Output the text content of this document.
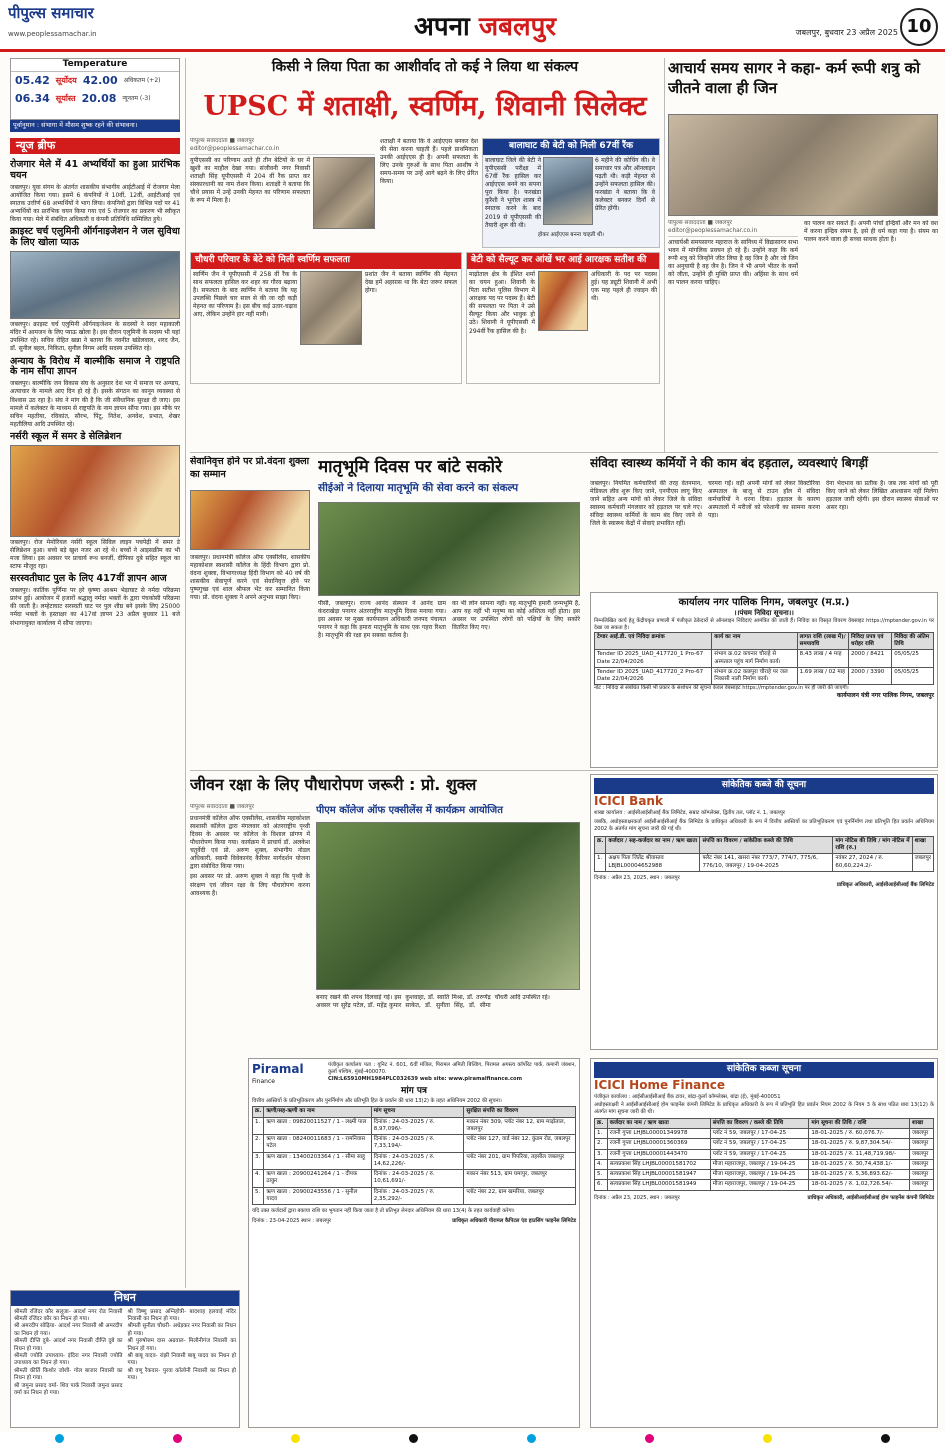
पीपुल्स समाचार
www.peoplessamachar.in	अपना जबलपुर	जबलपुर, बुधवार 23 अप्रैल 2025 10
Temperature
05.42 सूर्योदय 42.00 अधिकतम (+2)
06.34 सूर्यास्त 20.08 न्यूनतम (-3)
पूर्वानुमान : संभागा में मौसम शुष्क रहने की संभावना।
न्यूज ब्रीफ
रोजगार मेले में 41 अभ्यर्थियों का हुआ प्रारंभिक चयन
जबलपुर। युवा संगम के अंतर्गत शासकीय संभागीय आईटीआई में रोजगार मेला आयोजित किया गया। इसमें 6 कंपनियों ने 10वीं, 12वीं, आईटीआई एवं स्नातक उत्तीर्ण 68 अभ्यर्थियों ने भाग लिया। कंपनियों द्वारा विभिन्न पदों पर 41 अभ्यर्थियों का प्रारंभिक चयन किया गया एवं 5 रोजगार का प्रकरण भी स्वीकृत किया गया। मेले में संबंधित अधिकारी व कंपनी प्रतिनिधि सम्मिलित हुये।
क्राइस्ट चर्च एलुमिनी ऑर्गनाइजेशन ने जल सुविधा के लिए खोला प्याऊ
जबलपुर। क्राइस्ट चर्च एलुमिनी ऑर्गनाइजेशन के सदस्यों ने सदर महाकाली मंदिर में आमजन के लिए प्याऊ खोला है। इस दौरान एलुमिनी के सदस्य भी यहां उपस्थित रहे। सचिव रोहित खन्ना ने बताया कि नवनीत खंडेलवाल, शरद जैन, डॉ. सुनील बहल, निकिता, सुनील निगम आदि सदस्य उपस्थित रहे।
अन्याय के विरोध में बाल्मीकि समाज ने राष्ट्रपति के नाम सौंपा ज्ञापन
जबलपुर। बाल्मीकि जन विकास संघ के अनुसार देश भर में समाज पर अन्याय, अत्याचार के मामले आए दिन हो रहे हैं। इसके संगठन का कानून व्यवस्था से विश्वास उठ रहा है। संघ ने मांग की है कि जी संवैधानिक सुरक्षा दी जाए। इस मामले में कलेक्टर के माध्यम से राष्ट्रपति के नाम ज्ञापन सौंपा गया। इस मौके पर सचिन महतीया, रविकांत, सौरभ, पिंटू, नितेश, अनवेश, प्रभात, शेखर महतीलिया आदि उपस्थित रहे।
नर्सरी स्कूल में समर डे सेलिब्रेशन
जबलपुर। रोज मेमोरियल नर्सरी स्कूल सिविल लाइन पचपेढ़ी में समर डे सेलिब्रेशन हुआ। बच्चे बड़े खुश नजर आ रहे थे। बच्चों ने आइसक्रीम का भी मजा लिया। इस अवसर पर प्राचार्य रूथ बनर्जी, दीपिका दुबे सहित स्कूल का स्टाफ मौजूद रहा।
सरस्वतीघाट पुल के लिए 417वीं ज्ञापन आज
जबलपुर। कार्तिक पूर्णिमा पर हरे कृष्णा आश्रम भेड़ाघाट से नर्मदा परिक्रमा प्रारंभ हुई। आयोजन में हजारों श्रद्धालु नर्मदा भक्तों के द्वारा पंचकोसी परिक्रमा की जाती है। लम्हेटाघाट सरस्वती घाट पर पुल शीघ्र बने इसके लिए 25000 नर्मदा भक्तों के हस्ताक्षर का 417वां ज्ञापन 23 अप्रैल बुधवार 11 बजे संभागायुक्त कार्यालय में सौंपा जाएगा।
निधन
श्रीमती रजिंदर कौर सलूजा- आदर्श नगर रोड निवासी श्रीमती रजिंदर कौर का निधन हो गया।
श्री अमरदीप सोढ़िया- आदर्श नगर निवासी श्री अमरदीप का निधन हो गया।
श्रीमती दीप्ति दुबे- आदर्श नगर निवासी दीप्ति दुबे का निधन हो गया।
श्रीमती ज्योति उपाध्याय- इंदिरा नगर निवासी ज्योति उपाध्याय का निधन हो गया।
श्रीमती कीर्ति किशोर जोशी- गोल बाजार निवासी का निधन हो गया।
श्री जमुना प्रसाद वर्मा- शिव पार्क निवासी जमुना प्रसाद वर्मा का निधन हो गया।
श्री विष्णु प्रसाद अग्निहोत्री- बादशाह हलवाई मंदिर निवासी का निधन हो गया।
श्रीमती सुनीता चौधरी- अधेड़कर नगर निवासी का निधन हो गया।
श्री पुरुषोत्तम दास अग्रवाल- मिलौनीगंज निवासी का निधन हो गया।
श्री बाबू यादव- रांझी निवासी बाबू यादव का निधन हो गया।
श्री वणू रैकवार- पुरवा कॉलोनी निवासी का निधन हो गया।
किसी ने लिया पिता का आशीर्वाद तो कई ने लिया था संकल्प
UPSC में शताक्षी, स्वर्णिम, शिवानी सिलेक्ट
पीपुल्स संवाददाता ■ जबलपुर
editor@peoplessamachar.co.in
यूपीएससी का परिणाम आते ही तीन बेटियों के घर में खुशी का माहौल देखा गया। संजीवनी नगर निवासी शताक्षी सिंह यूपीएससी में 204 वीं रैंक प्राप्त कर संस्कारधानी का नाम रोशन किया। शताक्षी ने बताया कि चौथे प्रयास में उन्हें उनकी मेहनत का परिणाम सफलता के रूप में मिला है।
शताक्षी ने बताया कि वे आईएएस बनकर देश की सेवा करना चाहती हैं। पहले प्राथमिकता उनकी आईएएस ही है। अपनी सफलता के लिए उनके गुरुओं के साथ पिता आशीष ने समय-समय पर उन्हें आगे बढ़ने के लिए प्रेरित किया।
बालाघाट की बेटी को मिली 67वीं रैंक
बालाघाट जिले की बेटी ने यूपीएससी परीक्षा में 67वीं रैंक हासिल कर आईएएस बनने का सपना पूरा किया है। फरखंडा कुरैशी ने भूगोल शास्त्र में स्नातक करने के बाद 2019 से यूपीएससी की तैयारी शुरू की थी।
6 महीने की कोचिंग की। वे समाचार पत्र और ऑनलाइन पढ़ती थी। कड़ी मेहनत से उन्होंने सफलता हासिल की। फरखंडा ने बताया कि वे कलेक्टर बनकर दिनाँ से प्रेरित होंगी।
होकर आईएएस बनना चाहती थी।
चौधरी परिवार के बेटे को मिली स्वर्णिम सफलता
स्वर्णिम जैन ने यूपीएससी में 258 वीं रैंक के साथ सफलता हासिल कर शहर का गौरव बढ़ाया है। सफलता के बाद स्वर्णिम ने बताया कि यह उपलब्धि पिछले चार साल से की जा रही कड़ी मेहनत का परिणाम है। इस बीच कई उतार-चढ़ाव आए, लेकिन उन्होंने हार नहीं मानी।
प्रशांत जैन ने बताया स्वर्णिम की मेहनत देख हमें अहसास था कि बेटा जरूर सफल होगा।
बेटी को सैल्यूट कर आंखें भर आई आरक्षक सतीश की
माढ़ोताल क्षेत्र के ईशित शर्मा का चयन हुआ। शिवानी के पिता सतीश पुलिस विभाग में आरक्षक पद पर पदस्थ हैं। बेटी की सफलता पर पिता ने उसे सैल्यूट किया और भावुक हो उठे। शिवानी ने यूपीएससी में 294वीं रैंक हासिल की है।
अधिकारी के पद पर पदस्थ हुई। यह ड्यूटी शिवानी में अभी एक माह पहले ही ज्वाइन की थी।
आचार्य समय सागर ने कहा- कर्म रूपी शत्रु को जीतने वाला ही जिन
पीपुल्स संवाददाता ■ जबलपुर
editor@peoplessamachar.co.in
आचार्यश्री समयसागर महाराज के सानिध्य में विद्यासागर सभा भवन में मांगलिक प्रवचन हो रहे हैं। उन्होंने कहा कि कर्म रूपी शत्रु को जिन्होंने जीत लिया है वह जिन है और जो जिन का अनुयायी है वह जैन है। जिन ने भी अपने भीतर के कर्मों को जीता, उन्होंने ही मुक्ति प्राप्त की। अहिंसा के साथ धर्म का पालन करना चाहिए।
का पालन कर सकते हैं। अपनी पांचों इन्द्रियों और मन को वश में करना इन्द्रिय संयम है, इसे ही धर्म कहा गया है। संयम का पालन करने वाला ही सच्चा साधक होता है।
सेवानिवृत्त होने पर प्रो.वंदना शुक्ला का सम्मान
जबलपुर। प्रधानमंत्री कॉलेज ऑफ एक्सीलेंस, शासकीय महाकोशल स्वशासी कॉलेज के हिंदी विभाग द्वारा प्रो. वंदना शुक्ला, विभागाध्यक्ष हिंदी विभाग को 40 वर्ष की शासकीय सेवापूर्ण करने एवं सेवानिवृत्त होने पर पुष्पगुच्छ एवं शाल श्रीफल भेंट कर सम्मानित किया गया। प्रो. वंदना शुक्ला ने अपने अनुभव साझा किए।
मातृभूमि दिवस पर बांटे सकोरे
सीईओ ने दिलाया मातृभूमि की सेवा करने का संकल्प
पीसी, जबलपुर। राज्य आनंद संस्थान ने आनंद ग्राम कंदराखेड़ा पनागर अंतरराष्ट्रीय मातृभूमि दिवस मनाया गया। इस अवसर पर मुख्य कार्यपालन अधिकारी जनपद पंचायत पनागर ने कहा कि हमारा मातृभूमि के साथ एक गहरा रिश्ता है। मातृभूमि की रक्षा हम सबका कर्तव्य है।
का भी लोन सामना नहीं। यह मातृभूमि हमारी जन्मभूमि है, आप यह नहीं भी मनुष्य का कोई अस्तित्व नहीं होता। इस अवसर पर उपस्थित लोगों को पक्षियों के लिए सकोरे वितरित किए गए।
संविदा स्वास्थ्य कर्मियों ने की काम बंद हड़ताल, व्यवस्थाएं बिगड़ीं
जबलपुर। नियमित कर्मचारियों की तरह वेतनमान, मेडिकल लीव शुरू किए जाने, एनपीएस लागू किए जाने सहित अन्य मांगों को लेकर जिले के संविदा स्वास्थ्य कर्मचारी मंगलवार को हड़ताल पर चले गए। संविदा स्वास्थ्य कर्मियों के काम बंद किए जाने से जिले के स्वास्थ्य केंद्रों में सेवाएं प्रभावित रहीं।
चरमरा गईं। वहीं अपनी मांगों को लेकर विक्टोरिया अस्पताल के बाजू से टाउन हॉल में संविदा कर्मचारियों ने धरना दिया। हड़ताल के कारण अस्पतालों में मरीजों को परेशानी का सामना करना पड़ा।
देना भेदभाव का प्रतीक है। जब तक मांगों को पूरी किए जाने को लेकर लिखित आश्वासन नहीं मिलेगा हड़ताल जारी रहेगी। इस दौरान स्वास्थ्य सेवाओं पर असर रहा।
कार्यालय नगर पालिक निगम, जबलपुर (म.प्र.)
।।पंचम निविदा सूचना।।
निम्नलिखित कार्य हेतु केंद्रीयकृत प्रणाली में पंजीकृत ठेकेदारों से ऑनलाइन निविदाएं आमंत्रित की जाती हैं। निविदा का विस्तृत विवरण वेबसाइट https://mptender.gov.in पर देखा जा सकता है।
टेण्डर आई.डी. एवं निविदा क्रमांक	कार्य का नाम	लागत राशि (लाख में)/ समयावधि	निविदा प्रपत्र एवं धरोहर राशि	निविदा की अंतिम तिथि
Tender ID 2025_UAD_417720_1 Pro-67 Date 22/04/2026	संभाग क्र.02 कचनार चौराहे से अस्पताल पहुंच मार्ग निर्माण कार्य।	8.43 लाख / 4 माह	2000 / 8421	05/05/25
Tender ID 2025_UAD_417720_2 Pro-67 Date 22/04/2026	संभाग क्र.02 कछपुरा चौराहे पर जल निकासी नाली निर्माण कार्य।	1.69 लाख / 02 माह	2000 / 3390	05/05/25
नोट : निविदा से संबंधित किसी भी प्रकार के संशोधन की सूचना केवल वेबसाइट https://mptender.gov.in पर ही जारी की जाएगी।
कार्यपालन यंत्री नगर पालिक निगम, जबलपुर
जीवन रक्षा के लिए पौधारोपण जरूरी : प्रो. शुक्ल
पीपुल्स संवाददाता ■ जबलपुर
प्रधानमंत्री कॉलेज ऑफ एक्सीलेंस, शासकीय महाकोशल स्वशासी कॉलेज द्वारा मंगलवार को अंतरराष्ट्रीय पृथ्वी दिवस के अवसर पर कॉलेज के विशाल प्रांगण में पौधारोपण किया गया। कार्यक्रम में प्राचार्य डॉ. अलकेश चतुर्वेदी एवं प्रो. अरुण शुक्ल, संभागीय नोडल अधिकारी, स्वामी विवेकानंद कैरियर मार्गदर्शन योजना द्वारा संबोधित किया गया।
इस अवसर पर प्रो. अरुण शुक्ल ने कहा कि पृथ्वी के संरक्षण एवं जीवन रक्षा के लिए पौधारोपण करना आवश्यक है।
पीएम कॉलेज ऑफ एक्सीलेंस में कार्यक्रम आयोजित
बनाए रखने की शपथ दिलवाई गई। इस अवसर पर सुरेंद्र पटेल, डॉ. महेंद्र कुमार कुशवाहा, डॉ. स्वाति मिश्रा, डॉ. तरुणेंद्र साकेत, डॉ. सुनीता सिंह, डॉ. सीमा चौधरी आदि उपस्थित रहे।
सांकेतिक कब्जे की सूचना
ICICI Bank
शाखा कार्यालय : आईसीआईसीआई बैंक लिमिटेड, सम्राट कॉम्प्लेक्स, द्वितीय तल, प्लॉट नं. 1, जबलपुर
जबकि, अधोहस्ताक्षरकर्ता आईसीआईसीआई बैंक लिमिटेड के प्राधिकृत अधिकारी के रूप में वित्तीय आस्तियों का प्रतिभूतिकरण एवं पुनर्निर्माण तथा प्रतिभूति हित प्रवर्तन अधिनियम 2002 के अंतर्गत मांग सूचना जारी की गई थी।
क्र.	कर्जदार / सह-कर्जदार का नाम / ऋण खाता	संपत्ति का विवरण / सांकेतिक कब्जे की तिथि	मांग नोटिस की तिथि / मांग नोटिस में राशि (रु.)	शाखा
1.	अक्षय पिता जितेंद्र श्रीवास्तव LBJBL00004652988	फ्लैट नंबर 141, खसरा नंबर 773/7, 774/7, 775/6, 776/10, जबलपुर / 19-04-2025	नवंबर 27, 2024 / रु. 60,60,224.2/-	जबलपुर
दिनांक : अप्रैल 23, 2025, स्थान : जबलपुर
प्राधिकृत अधिकारी, आईसीआईसीआई बैंक लिमिटेड
Piramal
Finance
पंजीकृत कार्यालय पता : यूनिट नं. 601, 6वीं मंजिल, पिरामल अमिती बिल्डिंग, पिरामल अगस्त्य कॉर्पोरेट पार्क, कमानी जंक्शन, कुर्ला पश्चिम, मुंबई-400070.
CIN:L65910MH1984PLC032639 web site: www.piramalfinance.com
मांग पत्र
वित्तीय आस्तियों के प्रतिभूतिकरण और पुनर्निर्माण और प्रतिभूति हित के प्रवर्तन की धारा 13(2) के तहत अधिनियम 2002 की सूचना।
क्र.	ऋणी/सह-ऋणी का नाम	मांग सूचना	सुरक्षित संपत्ति का विवरण
1.	ऋण खाता : 09820011527 / 1 - लक्ष्मी पाल	दिनांक : 24-03-2025 / रु. 8,97,096/-	मकान नंबर 309, प्लॉट नंबर 12, ग्राम माढ़ोताल, जबलपुर
2.	ऋण खाता : 08240011683 / 1 - रामनिवास पटेल	दिनांक : 24-03-2025 / रु. 7,33,194/-	प्लॉट नंबर 127, वार्ड नंबर 12, कुंडम रोड, जबलपुर
3.	ऋण खाता : 13400203364 / 1 - सीमा साहू	दिनांक : 24-03-2025 / रु. 14,62,226/-	प्लॉट नंबर 201, ग्राम पिपरिया, तहसील जबलपुर
4.	ऋण खाता : 20900241264 / 1 - दीपक ठाकुर	दिनांक : 24-03-2025 / रु. 10,61,691/-	मकान नंबर 513, ग्राम घमापुर, जबलपुर
5.	ऋण खाता : 20900243556 / 1 - सुनील यादव	दिनांक : 24-03-2025 / रु. 2,35,292/-	प्लॉट नंबर 22, ग्राम खमरिया, जबलपुर
यदि उक्त कर्जदारों द्वारा बकाया राशि का भुगतान नहीं किया जाता है तो प्रतिभूत लेनदार अधिनियम की धारा 13(4) के तहत कार्यवाही करेगा।
दिनांक : 23-04-2025 स्थान : जबलपुर	प्राधिकृत अधिकारी पीरामल कैपिटल एंड हाउसिंग फाइनेंस लिमिटेड
सांकेतिक कब्जा सूचना
ICICI Home Finance
पंजीकृत कार्यालय : आईसीआईसीआई बैंक टावर, बांद्रा-कुर्ला कॉम्प्लेक्स, बांद्रा (ई), मुंबई-400051
अधोहस्ताक्षरी ने आईसीआईसीआई होम फाइनेंस कंपनी लिमिटेड के प्राधिकृत अधिकारी के रूप में प्रतिभूति हित प्रवर्तन नियम 2002 के नियम 3 के साथ पठित धारा 13(12) के अंतर्गत मांग सूचना जारी की थी।
क्र.	कर्जदार का नाम / ऋण खाता	संपत्ति का विवरण / कब्जे की तिथि	मांग सूचना की तिथि / राशि	शाखा
1.	रजनी गुप्ता LHJBL00001349978	प्लॉट नं 59, जबलपुर / 17-04-25	18-01-2025 / रु. 60,076.7/-	जबलपुर
2.	रजनी गुप्ता LHJBL00001360369	प्लॉट नं 59, जबलपुर / 17-04-25	18-01-2025 / रु. 9,87,304.54/-	जबलपुर
3.	रजनी गुप्ता LHJBL00001443470	प्लॉट नं 59, जबलपुर / 17-04-25	18-01-2025 / रु. 11,48,719.98/-	जबलपुर
4.	सत्यप्रकाश सिंह LHJBL00001581702	मौजा महाराजपुर, जबलपुर / 19-04-25	18-01-2025 / रु. 30,74,438.1/-	जबलपुर
5.	सत्यप्रकाश सिंह LHJBL00001581947	मौजा महाराजपुर, जबलपुर / 19-04-25	18-01-2025 / रु. 5,36,893.62/-	जबलपुर
6.	सत्यप्रकाश सिंह LHJBL00001581949	मौजा महाराजपुर, जबलपुर / 19-04-25	18-01-2025 / रु. 1,02,726.54/-	जबलपुर
दिनांक : अप्रैल 23, 2025, स्थान : जबलपुर	प्राधिकृत अधिकारी, आईसीआईसीआई होम फाइनेंस कंपनी लिमिटेड
